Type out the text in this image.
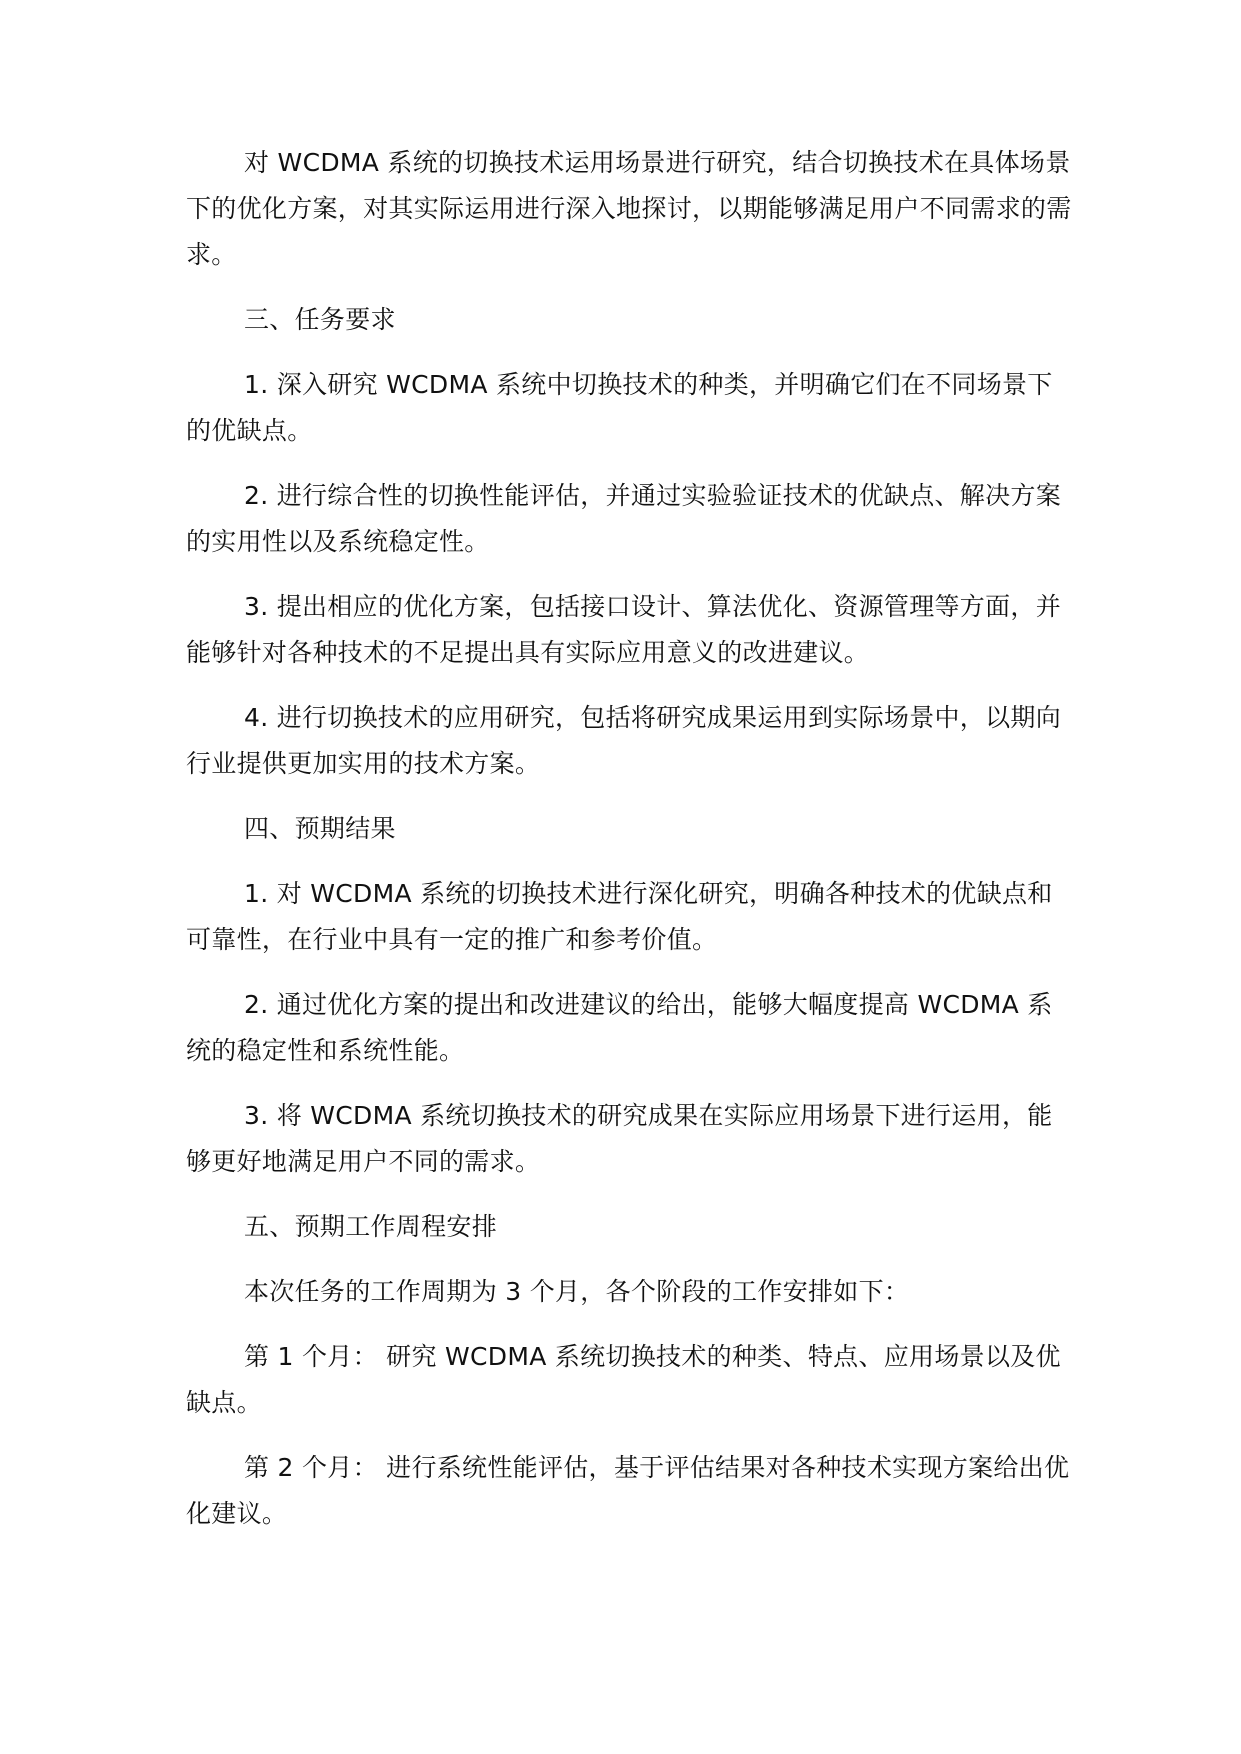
对 WCDMA 系统的切换技术运用场景进行研究，结合切换技术在具体场景下的优化方案，对其实际运用进行深入地探讨，以期能够满足用户不同需求的需求。

三、任务要求

1. 深入研究 WCDMA 系统中切换技术的种类，并明确它们在不同场景下的优缺点。

2. 进行综合性的切换性能评估，并通过实验验证技术的优缺点、解决方案的实用性以及系统稳定性。

3. 提出相应的优化方案，包括接口设计、算法优化、资源管理等方面，并能够针对各种技术的不足提出具有实际应用意义的改进建议。

4. 进行切换技术的应用研究，包括将研究成果运用到实际场景中，以期向行业提供更加实用的技术方案。

四、预期结果

1. 对 WCDMA 系统的切换技术进行深化研究，明确各种技术的优缺点和可靠性，在行业中具有一定的推广和参考价值。

2. 通过优化方案的提出和改进建议的给出，能够大幅度提高 WCDMA 系统的稳定性和系统性能。

3. 将 WCDMA 系统切换技术的研究成果在实际应用场景下进行运用，能够更好地满足用户不同的需求。

五、预期工作周程安排

本次任务的工作周期为 3 个月，各个阶段的工作安排如下：

第 1 个月： 研究 WCDMA 系统切换技术的种类、特点、应用场景以及优缺点。

第 2 个月： 进行系统性能评估，基于评估结果对各种技术实现方案给出优化建议。
